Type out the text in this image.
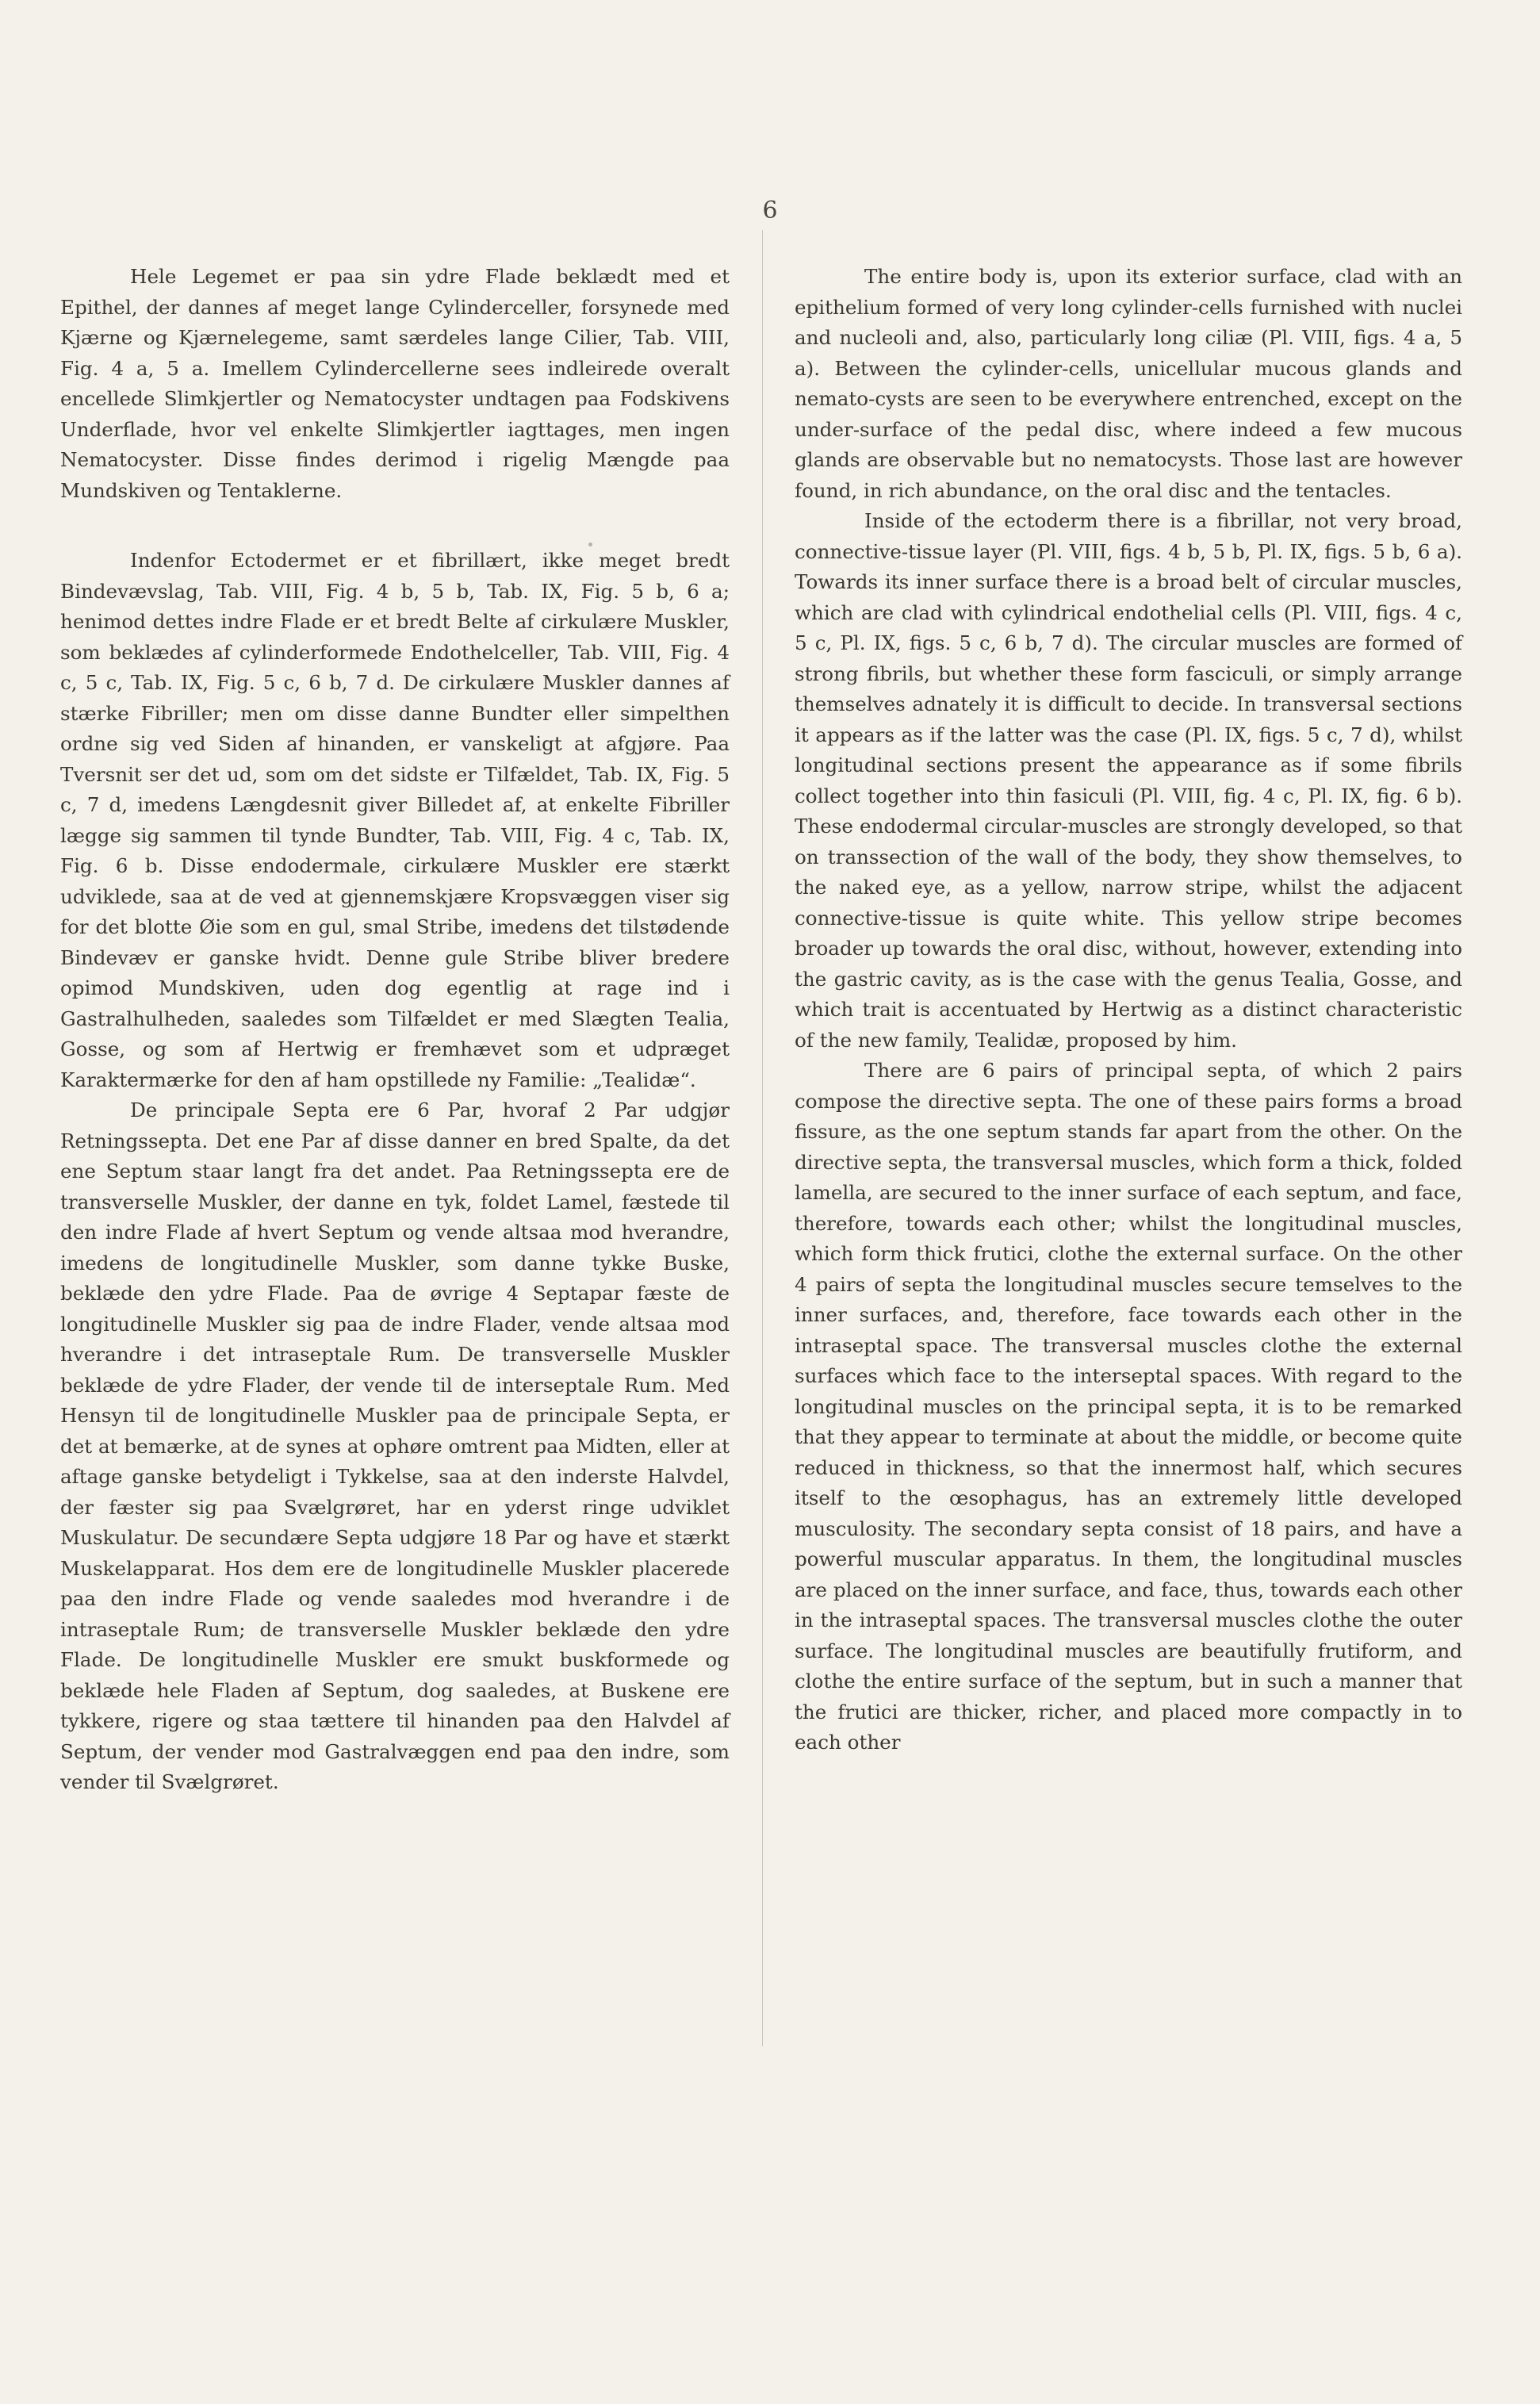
6

Hele Legemet er paa sin ydre Flade beklædt med et Epithel, der dannes af meget lange Cylinderceller, forsynede med Kjærne og Kjærnelegeme, samt særdeles lange Cilier, Tab. VIII, Fig. 4 a, 5 a. Imellem Cylindercellerne sees indleirede overalt encellede Slimkjertler og Nematocyster undtagen paa Fodskivens Underflade, hvor vel enkelte Slimkjertler iagttages, men ingen Nematocyster. Disse findes derimod i rigelig Mængde paa Mundskiven og Tentaklerne.

Indenfor Ectodermet er et fibrillært, ikke meget bredt Bindevævslag, Tab. VIII, Fig. 4 b, 5 b, Tab. IX, Fig. 5 b, 6 a; henimod dettes indre Flade er et bredt Belte af cirkulære Muskler, som beklædes af cylinderformede Endothelceller, Tab. VIII, Fig. 4 c, 5 c, Tab. IX, Fig. 5 c, 6 b, 7 d. De cirkulære Muskler dannes af stærke Fibriller; men om disse danne Bundter eller simpelthen ordne sig ved Siden af hinanden, er vanskeligt at afgjøre. Paa Tversnit ser det ud, som om det sidste er Tilfældet, Tab. IX, Fig. 5 c, 7 d, imedens Længdesnit giver Billedet af, at enkelte Fibriller lægge sig sammen til tynde Bundter, Tab. VIII, Fig. 4 c, Tab. IX, Fig. 6 b. Disse endodermale, cirkulære Muskler ere stærkt udviklede, saa at de ved at gjennemskjære Kropsvæggen viser sig for det blotte Øie som en gul, smal Stribe, imedens det tilstødende Bindevæv er ganske hvidt. Denne gule Stribe bliver bredere opimod Mundskiven, uden dog egentlig at rage ind i Gastralhulheden, saaledes som Tilfældet er med Slægten Tealia, Gosse, og som af Hertwig er fremhævet som et udpræget Karaktermærke for den af ham opstillede ny Familie: „Tealidæ“.

De principale Septa ere 6 Par, hvoraf 2 Par udgjør Retningssepta. Det ene Par af disse danner en bred Spalte, da det ene Septum staar langt fra det andet. Paa Retningssepta ere de transverselle Muskler, der danne en tyk, foldet Lamel, fæstede til den indre Flade af hvert Septum og vende altsaa mod hverandre, imedens de longitudinelle Muskler, som danne tykke Buske, beklæde den ydre Flade. Paa de øvrige 4 Septapar fæste de longitudinelle Muskler sig paa de indre Flader, vende altsaa mod hverandre i det intraseptale Rum. De transverselle Muskler beklæde de ydre Flader, der vende til de interseptale Rum. Med Hensyn til de longitudinelle Muskler paa de principale Septa, er det at bemærke, at de synes at ophøre omtrent paa Midten, eller at aftage ganske betydeligt i Tykkelse, saa at den inderste Halvdel, der fæster sig paa Svælgrøret, har en yderst ringe udviklet Muskulatur. De secundære Septa udgjøre 18 Par og have et stærkt Muskelapparat. Hos dem ere de longitudinelle Muskler placerede paa den indre Flade og vende saaledes mod hverandre i de intraseptale Rum; de transverselle Muskler beklæde den ydre Flade. De longitudinelle Muskler ere smukt buskformede og beklæde hele Fladen af Septum, dog saaledes, at Buskene ere tykkere, rigere og staa tættere til hinanden paa den Halvdel af Septum, der vender mod Gastralvæggen end paa den indre, som vender til Svælgrøret.

The entire body is, upon its exterior surface, clad with an epithelium formed of very long cylinder-cells furnished with nuclei and nucleoli and, also, particularly long ciliæ (Pl. VIII, figs. 4 a, 5 a). Between the cylinder-cells, unicellular mucous glands and nemato-cysts are seen to be everywhere entrenched, except on the under-surface of the pedal disc, where indeed a few mucous glands are observable but no nematocysts. Those last are however found, in rich abundance, on the oral disc and the tentacles.

Inside of the ectoderm there is a fibrillar, not very broad, connective-tissue layer (Pl. VIII, figs. 4 b, 5 b, Pl. IX, figs. 5 b, 6 a). Towards its inner surface there is a broad belt of circular muscles, which are clad with cylindrical endothelial cells (Pl. VIII, figs. 4 c, 5 c, Pl. IX, figs. 5 c, 6 b, 7 d). The circular muscles are formed of strong fibrils, but whether these form fasciculi, or simply arrange themselves adnately it is difficult to decide. In transversal sections it appears as if the latter was the case (Pl. IX, figs. 5 c, 7 d), whilst longitudinal sections present the appearance as if some fibrils collect together into thin fasiculi (Pl. VIII, fig. 4 c, Pl. IX, fig. 6 b). These endodermal circular-muscles are strongly developed, so that on transsection of the wall of the body, they show themselves, to the naked eye, as a yellow, narrow stripe, whilst the adjacent connective-tissue is quite white. This yellow stripe becomes broader up towards the oral disc, without, however, extending into the gastric cavity, as is the case with the genus Tealia, Gosse, and which trait is accentuated by Hertwig as a distinct characteristic of the new family, Tealidæ, proposed by him.

There are 6 pairs of principal septa, of which 2 pairs compose the directive septa. The one of these pairs forms a broad fissure, as the one septum stands far apart from the other. On the directive septa, the transversal muscles, which form a thick, folded lamella, are secured to the inner surface of each septum, and face, therefore, towards each other; whilst the longitudinal muscles, which form thick frutici, clothe the external surface. On the other 4 pairs of septa the longitudinal muscles secure temselves to the inner surfaces, and, therefore, face towards each other in the intraseptal space. The transversal muscles clothe the external surfaces which face to the interseptal spaces. With regard to the longitudinal muscles on the principal septa, it is to be remarked that they appear to terminate at about the middle, or become quite reduced in thickness, so that the innermost half, which secures itself to the œsophagus, has an extremely little developed musculosity. The secondary septa consist of 18 pairs, and have a powerful muscular apparatus. In them, the longitudinal muscles are placed on the inner surface, and face, thus, towards each other in the intraseptal spaces. The transversal muscles clothe the outer surface. The longitudinal muscles are beautifully frutiform, and clothe the entire surface of the septum, but in such a manner that the frutici are thicker, richer, and placed more compactly in to each other
